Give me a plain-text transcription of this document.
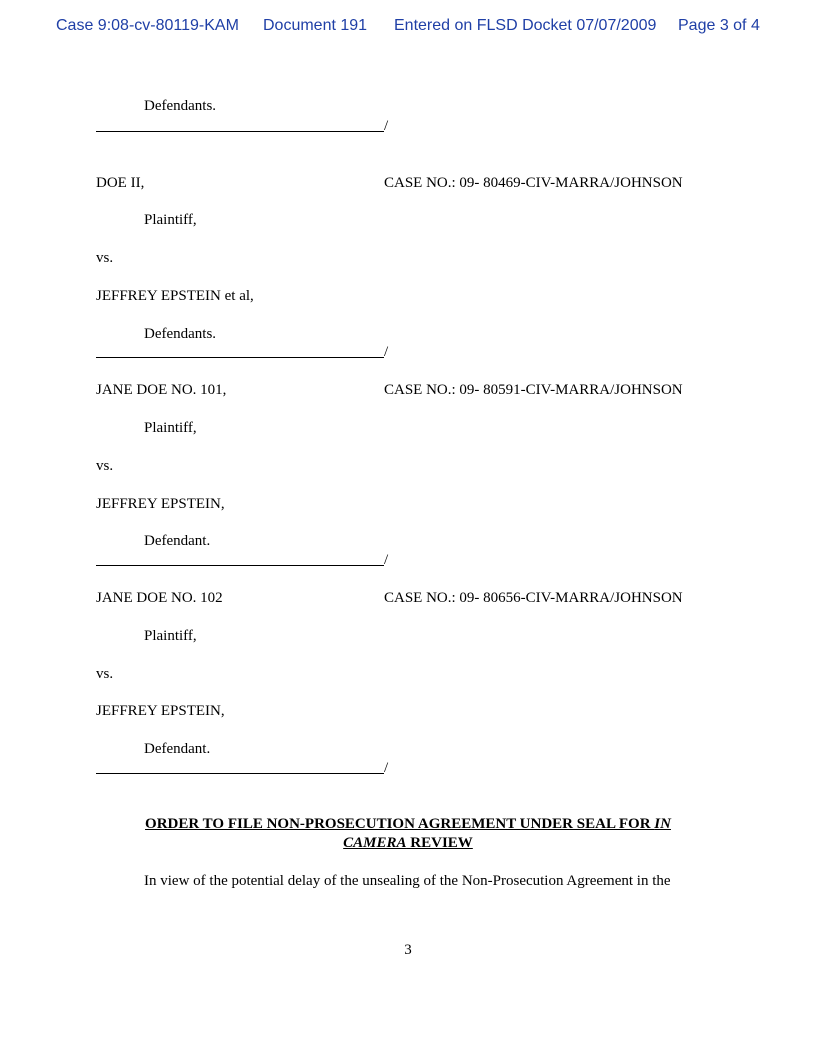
Case 9:08-cv-80119-KAM Document 191 Entered on FLSD Docket 07/07/2009 Page 3 of 4
Defendants.
/
DOE II,	CASE NO.: 09- 80469-CIV-MARRA/JOHNSON
Plaintiff,
vs.
JEFFREY EPSTEIN et al,
Defendants.
/
JANE DOE NO. 101,	CASE NO.: 09- 80591-CIV-MARRA/JOHNSON
Plaintiff,
vs.
JEFFREY EPSTEIN,
Defendant.
/
JANE DOE NO. 102	CASE NO.: 09- 80656-CIV-MARRA/JOHNSON
Plaintiff,
vs.
JEFFREY EPSTEIN,
Defendant.
/
ORDER TO FILE NON-PROSECUTION AGREEMENT UNDER SEAL FOR IN
CAMERA REVIEW
In view of the potential delay of the unsealing of the Non-Prosecution Agreement in the
3
